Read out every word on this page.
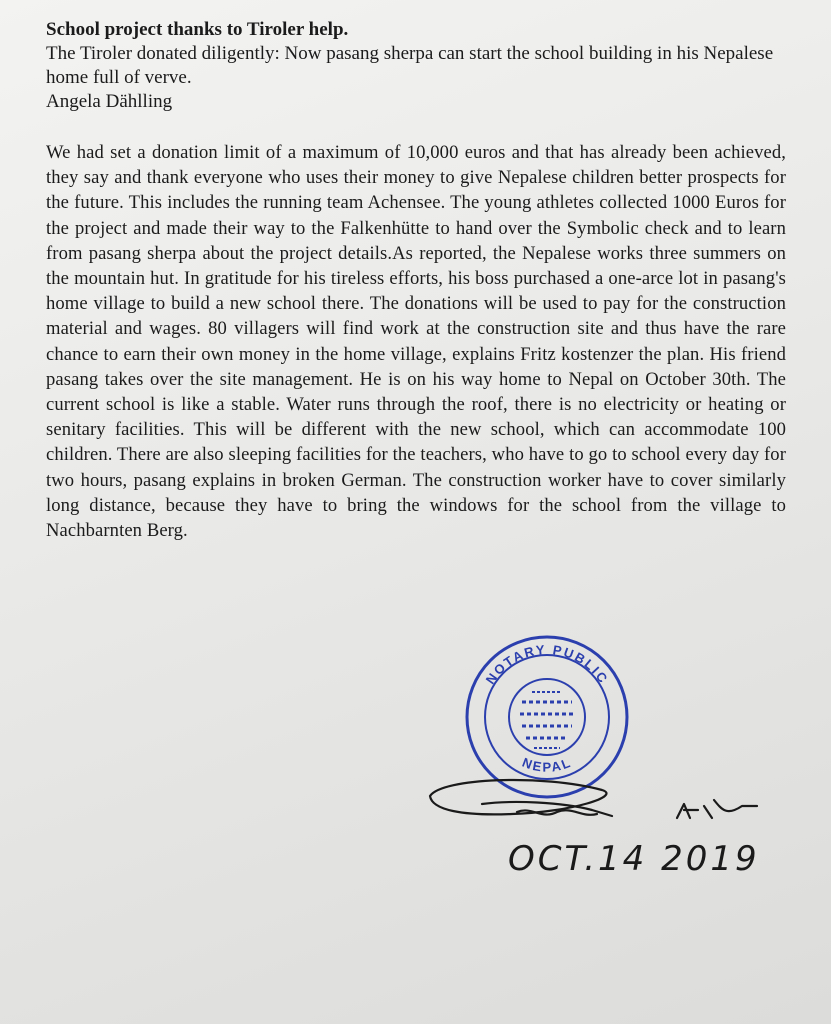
School project thanks to Tiroler help.

The Tiroler donated diligently: Now pasang sherpa can start the school building in his Nepalese home full of verve.

Angela Dählling

We had set a donation limit of a maximum of 10,000 euros and that has already been achieved, they say and thank everyone who uses their money to give Nepalese children better prospects for the future. This includes the running team Achensee. The young athletes collected 1000 Euros for the project and made their way to the Falkenhütte to hand over the Symbolic check and to learn from pasang sherpa about the project details.As reported, the Nepalese works three summers on the mountain hut. In gratitude for his tireless efforts, his boss purchased a one-arce lot in pasang's home village to build a new school there. The donations will be used to pay for the construction material and wages. 80 villagers will find work at the construction site and thus have the rare chance to earn their own money in the home village, explains Fritz kostenzer the plan. His friend pasang takes over the site management. He is on his way home to Nepal on October 30th. The current school is like a stable. Water runs through the roof, there is no electricity or heating or senitary facilities. This will be different with the new school, which can accommodate 100 children. There are also sleeping facilities for the teachers, who have to go to school every day for two hours, pasang explains in broken German. The construction worker have to cover similarly long distance, because they have to bring the windows for the school from the village to Nachbarnten Berg.

NOTARY PUBLIC
NEPAL
OCT.14 2019
